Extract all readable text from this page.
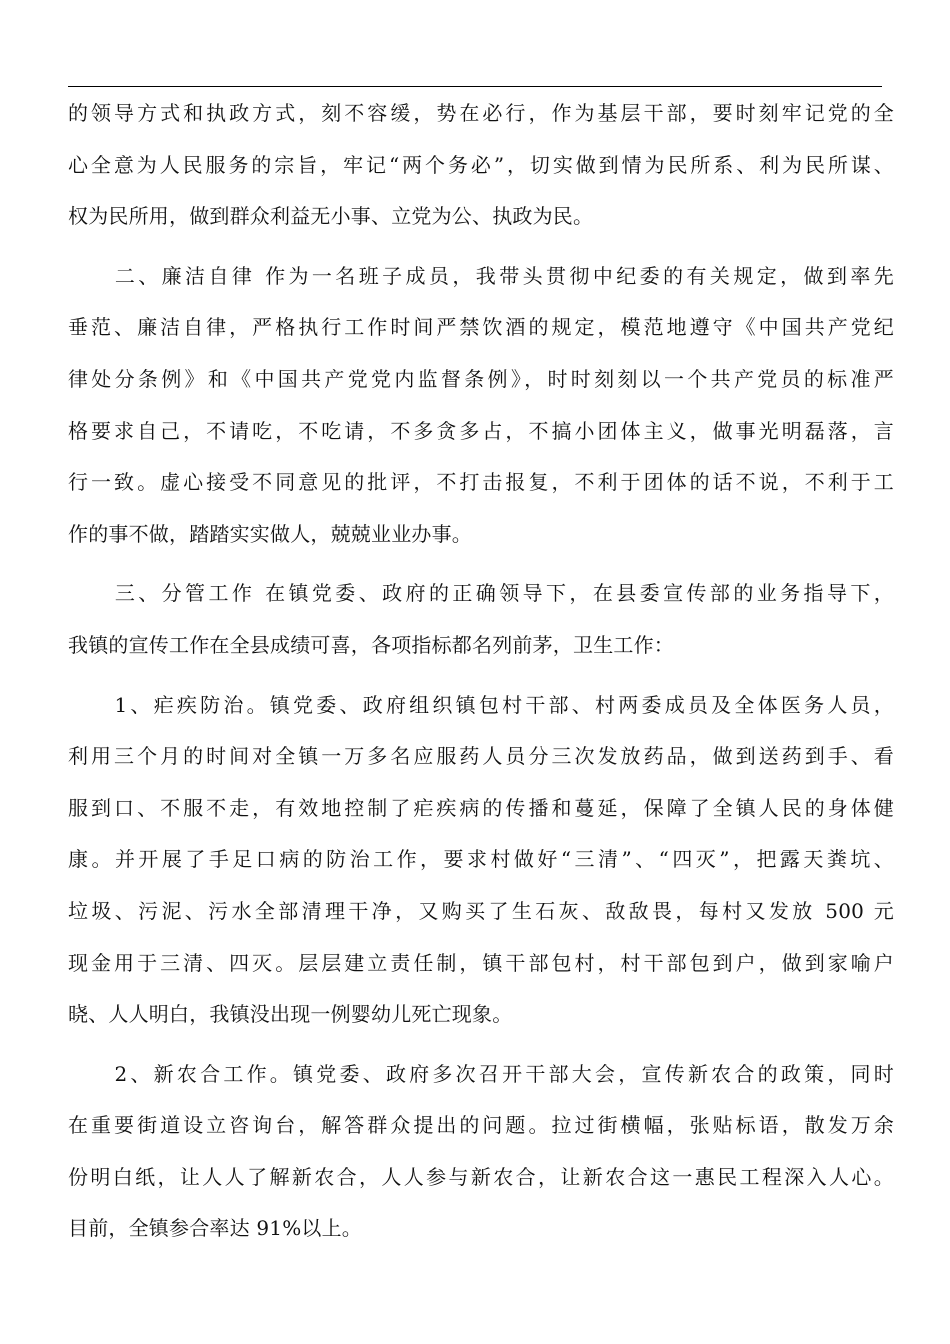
的领导方式和执政方式，刻不容缓，势在必行，作为基层干部，要时刻牢记党的全
心全意为人民服务的宗旨，牢记“两个务必”，切实做到情为民所系、利为民所谋、
权为民所用，做到群众利益无小事、立党为公、执政为民。
　　二、廉洁自律 作为一名班子成员，我带头贯彻中纪委的有关规定，做到率先
垂范、廉洁自律，严格执行工作时间严禁饮酒的规定，模范地遵守《中国共产党纪
律处分条例》和《中国共产党党内监督条例》，时时刻刻以一个共产党员的标准严
格要求自己，不请吃，不吃请，不多贪多占，不搞小团体主义，做事光明磊落，言
行一致。虚心接受不同意见的批评，不打击报复，不利于团体的话不说，不利于工
作的事不做，踏踏实实做人，兢兢业业办事。
　　三、分管工作 在镇党委、政府的正确领导下，在县委宣传部的业务指导下，
我镇的宣传工作在全县成绩可喜，各项指标都名列前茅，卫生工作：
　　1、疟疾防治。镇党委、政府组织镇包村干部、村两委成员及全体医务人员，
利用三个月的时间对全镇一万多名应服药人员分三次发放药品，做到送药到手、看
服到口、不服不走，有效地控制了疟疾病的传播和蔓延，保障了全镇人民的身体健
康。并开展了手足口病的防治工作，要求村做好“三清”、“四灭”，把露天粪坑、
垃圾、污泥、污水全部清理干净，又购买了生石灰、敌敌畏，每村又发放 500 元
现金用于三清、四灭。层层建立责任制，镇干部包村，村干部包到户，做到家喻户
晓、人人明白，我镇没出现一例婴幼儿死亡现象。
　　2、新农合工作。镇党委、政府多次召开干部大会，宣传新农合的政策，同时
在重要街道设立咨询台，解答群众提出的问题。拉过街横幅，张贴标语，散发万余
份明白纸，让人人了解新农合，人人参与新农合，让新农合这一惠民工程深入人心。
目前，全镇参合率达 91%以上。
